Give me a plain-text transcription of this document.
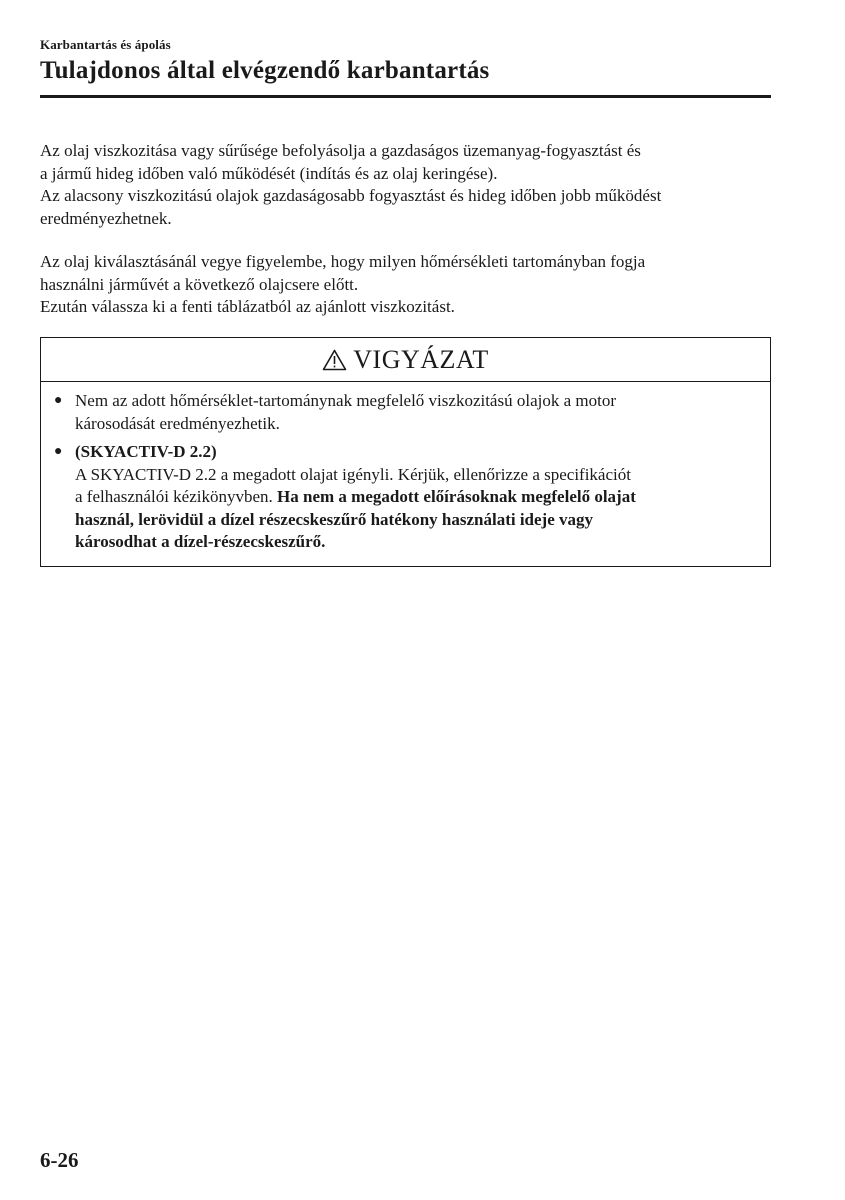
Karbantartás és ápolás
Tulajdonos által elvégzendő karbantartás

Az olaj viszkozitása vagy sűrűsége befolyásolja a gazdaságos üzemanyag-fogyasztást és

a jármű hideg időben való működését (indítás és az olaj keringése).

Az alacsony viszkozitású olajok gazdaságosabb fogyasztást és hideg időben jobb működést

eredményezhetnek.

Az olaj kiválasztásánál vegye figyelembe, hogy milyen hőmérsékleti tartományban fogja

használni járművét a következő olajcsere előtt.

Ezután válassza ki a fenti táblázatból az ajánlott viszkozitást.

VIGYÁZAT
● Nem az adott hőmérséklet-tartománynak megfelelő viszkozitású olajok a motor
károsodását eredményezhetik.
● (SKYACTIV-D 2.2)
A SKYACTIV-D 2.2 a megadott olajat igényli. Kérjük, ellenőrizze a specifikációt
a felhasználói kézikönyvben. Ha nem a megadott előírásoknak megfelelő olajat
használ, lerövidül a dízel részecskeszűrő hatékony használati ideje vagy
károsodhat a dízel-részecskeszűrő.
6-26
